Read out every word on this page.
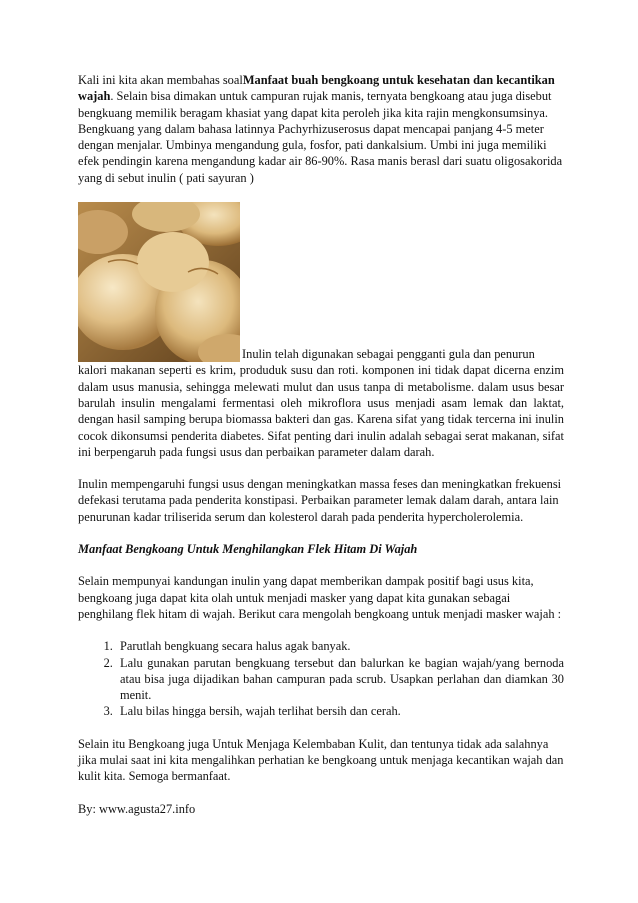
Kali ini kita akan membahas soalManfaat buah bengkoang untuk kesehatan dan kecantikan wajah. Selain bisa dimakan untuk campuran rujak manis, ternyata bengkoang atau juga disebut bengkuang memilik beragam khasiat yang dapat kita peroleh jika kita rajin mengkonsumsinya. Bengkuang yang dalam bahasa latinnya Pachyrhizuserosus dapat mencapai panjang 4-5 meter dengan menjalar. Umbinya mengandung gula, fosfor, pati dankalsium. Umbi ini juga memiliki efek pendingin karena mengandung kadar air 86-90%. Rasa manis berasl dari suatu oligosakorida yang di sebut inulin ( pati sayuran )

Inulin telah digunakan sebagai pengganti gula dan penurun

kalori makanan seperti es krim, produduk susu dan roti. komponen ini tidak dapat dicerna enzim dalam usus manusia, sehingga melewati mulut dan usus tanpa di metabolisme. dalam usus besar barulah insulin mengalami fermentasi oleh mikroflora usus menjadi asam lemak dan laktat, dengan hasil samping berupa biomassa bakteri dan gas. Karena sifat yang tidak tercerna ini inulin cocok dikonsumsi penderita diabetes. Sifat penting dari inulin adalah sebagai serat makanan, sifat ini berpengaruh pada fungsi usus dan perbaikan parameter dalam darah.

Inulin mempengaruhi fungsi usus dengan meningkatkan massa feses dan meningkatkan frekuensi defekasi terutama pada penderita konstipasi. Perbaikan parameter lemak dalam darah, antara lain penurunan kadar triliserida serum dan kolesterol darah pada penderita hypercholerolemia.

Manfaat Bengkoang Untuk Menghilangkan Flek Hitam Di Wajah

Selain mempunyai kandungan inulin yang dapat memberikan dampak positif bagi usus kita, bengkoang juga dapat kita olah untuk menjadi masker yang dapat kita gunakan sebagai penghilang flek hitam di wajah. Berikut cara mengolah bengkoang untuk menjadi masker wajah :

1. Parutlah bengkuang secara halus agak banyak.
2. Lalu gunakan parutan bengkuang tersebut dan balurkan ke bagian wajah/yang bernoda atau bisa juga dijadikan bahan campuran pada scrub. Usapkan perlahan dan diamkan 30 menit.
3. Lalu bilas hingga bersih, wajah terlihat bersih dan cerah.

Selain itu Bengkoang juga Untuk Menjaga Kelembaban Kulit, dan tentunya tidak ada salahnya jika mulai saat ini kita mengalihkan perhatian ke bengkoang untuk menjaga kecantikan wajah dan kulit kita. Semoga bermanfaat.

By: www.agusta27.info
